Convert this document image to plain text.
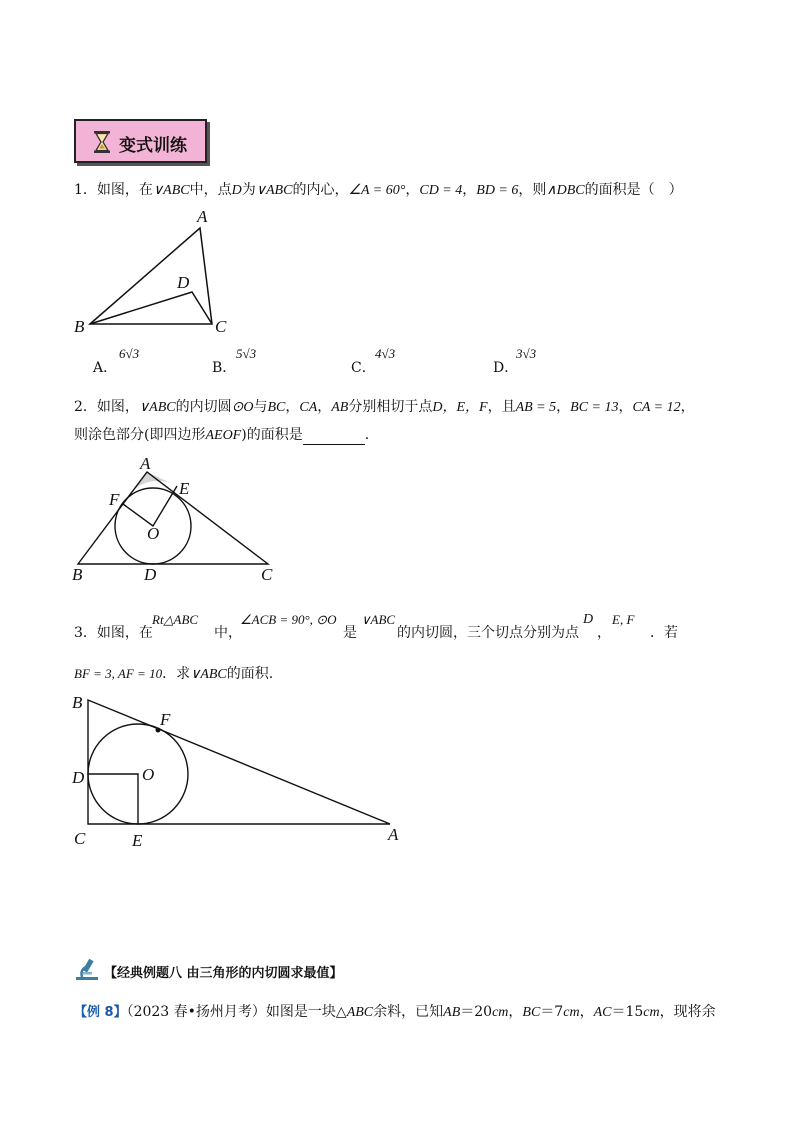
变式训练
1．如图，在∨ABC中，点D为∨ABC的内心，∠A = 60°，CD = 4，BD = 6，则∧DBC的面积是（　）
A
B	C
D
A．
6√3
B．
5√3
C．
4√3
D．
3√3
2．如图，∨ABC的内切圆⊙O与BC，CA，AB分别相切于点D，E，F，且AB = 5，BC = 13，CA = 12，
则涂色部分(即四边形AEOF)的面积是	.
A
E
F
O
B	D	C
3．如图，在
Rt△ABC
中，
∠ACB = 90°, ⊙O
是
∨ABC
的内切圆，三个切点分别为点
D
，
E, F
．若
BF = 3, AF = 10．求∨ABC的面积.
B
F
D	O
C	E	A
【经典例题八 由三角形的内切圆求最值】
【例 8】（2023 春•扬州月考）如图是一块△ABC余料，已知AB＝20cm，BC＝7cm，AC＝15cm，现将余
